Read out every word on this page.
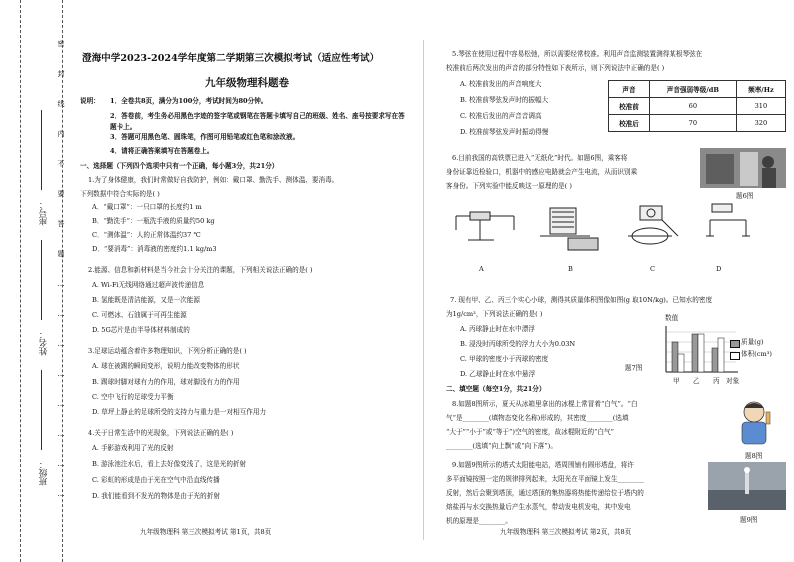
密
封
线
内
不
要
答
题
…
…
…
…
…
…
…
…
座号：
姓名：
班级：
澄海中学2023-2024学年度第二学期第三次模拟考试（适应性考试）
九年级物理科题卷
说明： 1．全卷共8页，满分为100分，考试时间为80分钟。
2．答卷前，考生务必用黑色字迹的签字笔或钢笔在答题卡填写自己的班级、姓名、座号按要求写在答题卡上。
3．答题可用黑色笔、圆珠笔，作图可用铅笔或红色笔和涂改液。
4．请将正确答案填写在答题卷上。
一、选择题（下列四个选项中只有一个正确，每小题3分，共21分）
1.为了身体健康，我们时常做好自我防护，例如：戴口罩、勤洗手、测体温、要消毒。
下列数据中符合实际的是( )
A．“戴口罩”：一只口罩的长度约1 m
B．“勤洗手”：一瓶洗手液的质量约50 kg
C．“测体温”：人的正常体温约37 ℃
D．“要消毒”：消毒液的密度约1.1 kg/m3
2.能源、信息和新材料是当今社会十分关注的课题，下列相关说法正确的是( )
A. Wi-Fi无线网络通过超声波传递信息
B. 氢能既是清洁能源，又是一次能源
C. 可燃冰、石油属于可再生能源
D. 5G芯片是由半导体材料制成的
3.足球运动蕴含着许多物理知识，下列分析正确的是( )
A. 球在被踢的瞬间变形，说明力能改变物体的形状
B. 踢球时脚对球有力的作用，球对脚没有力的作用
C. 空中飞行的足球受力平衡
D. 草坪上静止的足球所受的支持力与重力是一对相互作用力
4.关于日常生活中的光现象，下列说法正确的是( )
A. 手影游戏利用了光的反射
B. 游泳池注水后，看上去好像变浅了，这是光的折射
C. 彩虹的形成是由于光在空气中沿直线传播
D. 我们能看到不发光的物体是由于光的折射
九年级物理科 第三次模拟考试 第1页，共8页
5.琴弦在使用过程中容易松弛，所以需要经常校准。利用声音监测装置测得某根琴弦在
校准前后两次发出的声音的部分特性如下表所示，则下列说法中正确的是( )
A. 校准前发出的声音响度大
B. 校准前琴弦发声时的振幅大
C. 校准后发出的声音音调高
D. 校准前琴弦发声时振动得慢
声音	声音强弱等级/dB	频率/Hz
校准前	60	310
校准后	70	320
6.目前我国的高铁票已进入“无纸化”时代。如题6图，乘客将
身份证靠近检验口，机器中的感应电路就会产生电流，从而识别乘
客身份。下列实验中能反映这一原理的是( )
题6图
A	B	C	D
7. 现有甲、乙、丙三个实心小球，测得其质量体积图像如图(g 取10N/kg)。已知水的密度
为1g/cm³，下列说法正确的是( )
A. 丙球静止时在水中漂浮
B. 浸没时丙球所受的浮力大小为0.03N
C. 甲球的密度小于丙球的密度
D. 乙球静止时在水中悬浮
题7图
数值
质量(g)
体积(cm³)
甲 乙 丙 对象
二、填空题（每空1分，共21分）
8.如题8图所示，夏天从冰箱里拿出的冰棍上常冒着“白气”。“白
气”是________(填物态变化名称)形成的，其密度________(选填
“大于”“小于”或“等于”)空气的密度，故冰棍附近的“白气”
________(选填“向上飘”或“向下落”)。
题8图
9.如题9图所示的塔式太阳能电站，塔周围铺有圆形塔盘，将许
多平面镜按照一定的规律排列起来，太阳光在平面镜上发生________
反射，然后会聚到塔顶，通过塔顶的集热器将热能传递给位于塔内的
熔盐再与水交换热量后产生水蒸气，带动发电机发电，其中发电
机的原理是________。	题9图
九年级物理科 第三次模拟考试 第2页，共8页
